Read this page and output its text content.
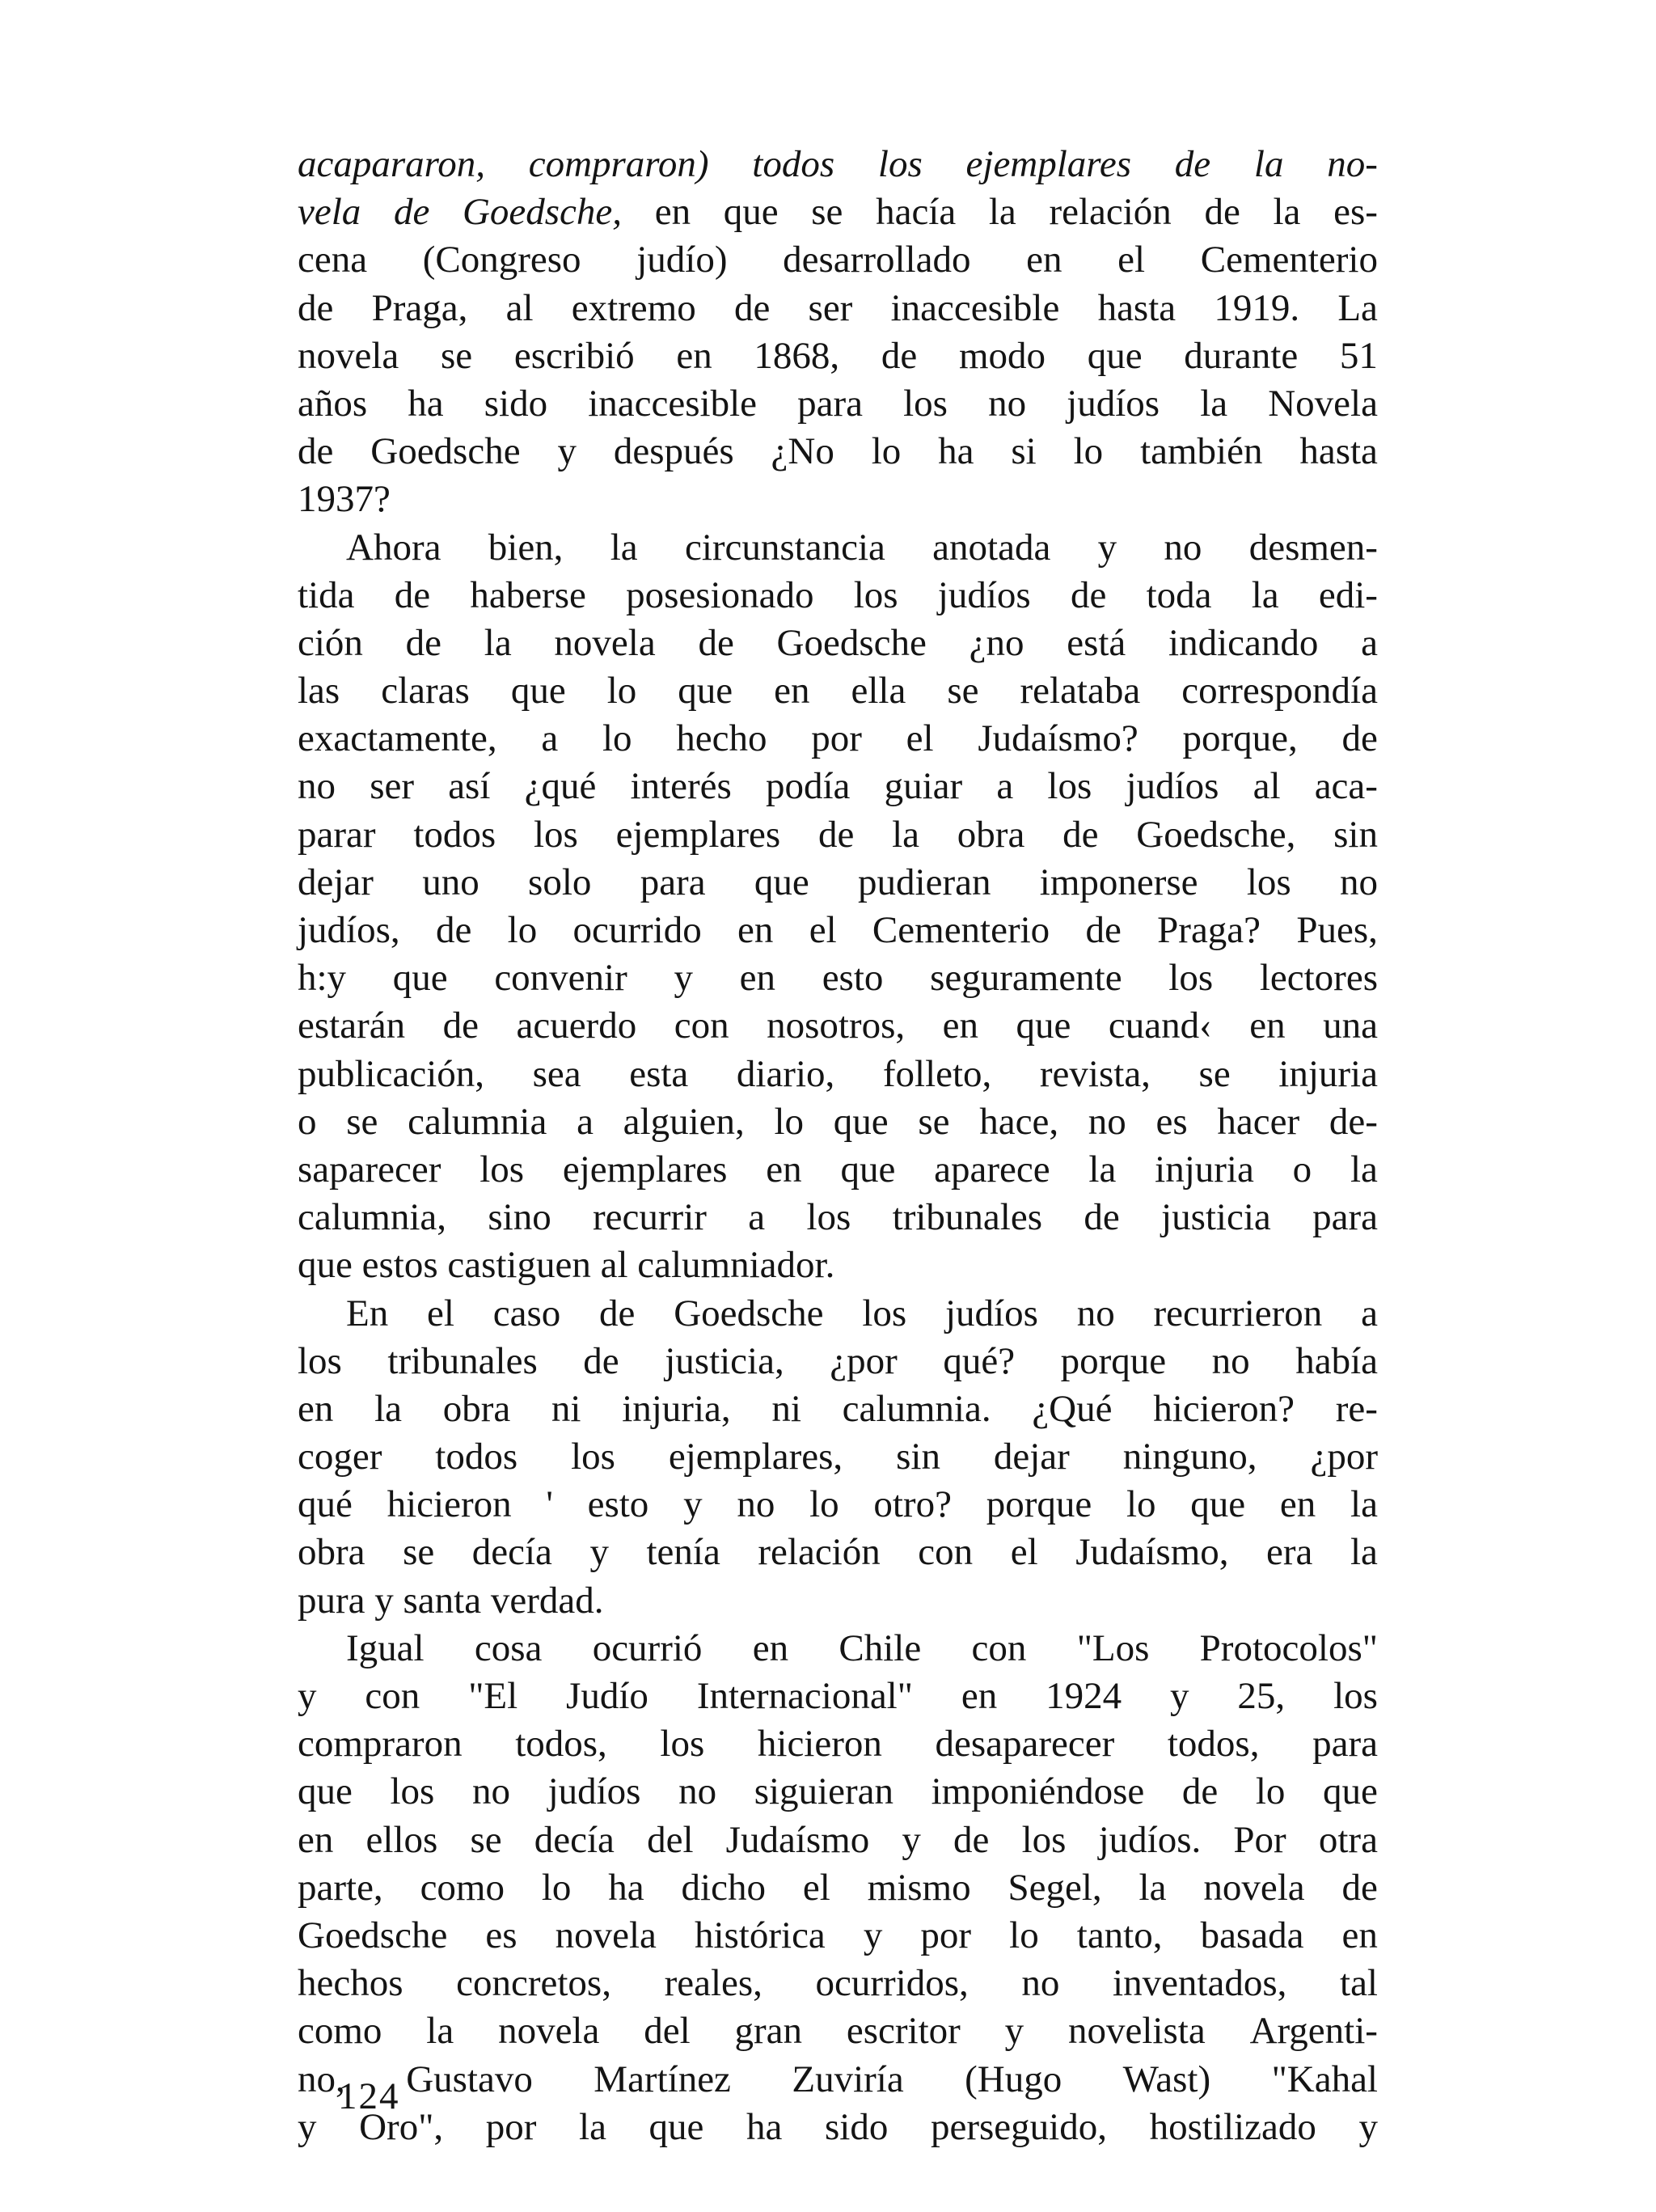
acapararon, compraron) todos los ejemplares de la no-
vela de Goedsche, en que se hacía la relación de la es-
cena (Congreso judío) desarrollado en el Cementerio
de Praga, al extremo de ser inaccesible hasta 1919. La
novela se escribió en 1868, de modo que durante 51
años ha sido inaccesible para los no judíos la Novela
de Goedsche y después ¿No lo ha si lo también hasta
1937?
Ahora bien, la circunstancia anotada y no desmen-
tida de haberse posesionado los judíos de toda la edi-
ción de la novela de Goedsche ¿no está indicando a
las claras que lo que en ella se relataba correspondía
exactamente, a lo hecho por el Judaísmo? porque, de
no ser así ¿qué interés podía guiar a los judíos al aca-
parar todos los ejemplares de la obra de Goedsche, sin
dejar uno solo para que pudieran imponerse los no
judíos, de lo ocurrido en el Cementerio de Praga? Pues,
h:y que convenir y en esto seguramente los lectores
estarán de acuerdo con nosotros, en que cuand‹ en una
publicación, sea esta diario, folleto, revista, se injuria
o se calumnia a alguien, lo que se hace, no es hacer de-
saparecer los ejemplares en que aparece la injuria o la
calumnia, sino recurrir a los tribunales de justicia para
que estos castiguen al calumniador.
En el caso de Goedsche los judíos no recurrieron a
los tribunales de justicia, ¿por qué? porque no había
en la obra ni injuria, ni calumnia. ¿Qué hicieron? re-
coger todos los ejemplares, sin dejar ninguno, ¿por
qué hicieron ' esto y no lo otro? porque lo que en la
obra se decía y tenía relación con el Judaísmo, era la
pura y santa verdad.
Igual cosa ocurrió en Chile con "Los Protocolos"
y con "El Judío Internacional" en 1924 y 25, los
compraron todos, los hicieron desaparecer todos, para
que los no judíos no siguieran imponiéndose de lo que
en ellos se decía del Judaísmo y de los judíos. Por otra
parte, como lo ha dicho el mismo Segel, la novela de
Goedsche es novela histórica y por lo tanto, basada en
hechos concretos, reales, ocurridos, no inventados, tal
como la novela del gran escritor y novelista Argenti-
no, Gustavo Martínez Zuviría (Hugo Wast) "Kahal
y Oro", por la que ha sido perseguido, hostilizado y
124
